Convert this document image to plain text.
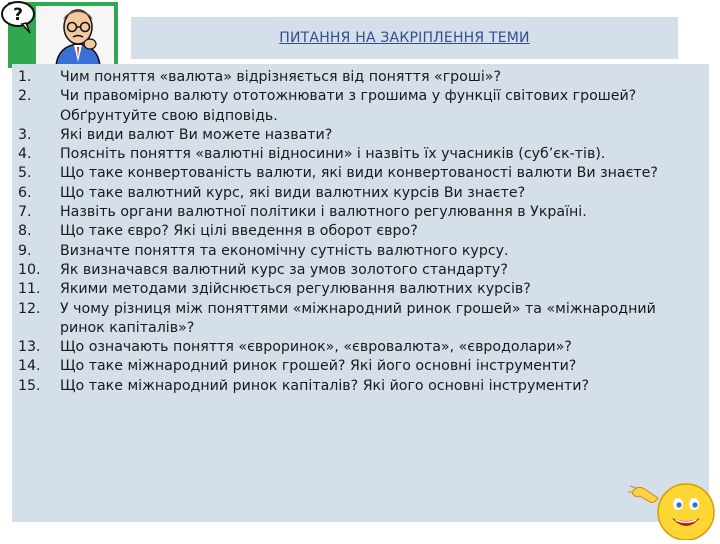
?
ПИТАННЯ НА ЗАКРІПЛЕННЯ ТЕМИ
1.	Чим поняття «валюта» відрізняється від поняття «гроші»?
2.	Чи правомірно валюту ототожнювати з грошима у функції світових грошей? Обґрунтуйте свою відповідь.
3.	Які види валют Ви можете назвати?
4.	Поясніть поняття «валютні відносини» і назвіть їх учасників (суб’єк-тів).
5.	Що таке конвертованість валюти, які види конвертованості валюти Ви знаєте?
6.	Що таке валютний курс, які види валютних курсів Ви знаєте?
7.	Назвіть органи валютної політики і валютного регулювання в Україні.
8.	Що таке євро? Які цілі введення в оборот євро?
9.	Визначте поняття та економічну сутність валютного курсу.
10.	Як визначався валютний курс за умов золотого стандарту?
11.	Якими методами здійснюється регулювання валютних курсів?
12.	У чому різниця між поняттями «міжнародний ринок грошей» та «міжнародний ринок капіталів»?
13.	Що означають поняття «євроринок», «євровалюта», «євродолари»?
14.	Що таке міжнародний ринок грошей? Які його основні інструменти?
15.	Що таке міжнародний ринок капіталів? Які його основні інструменти?
